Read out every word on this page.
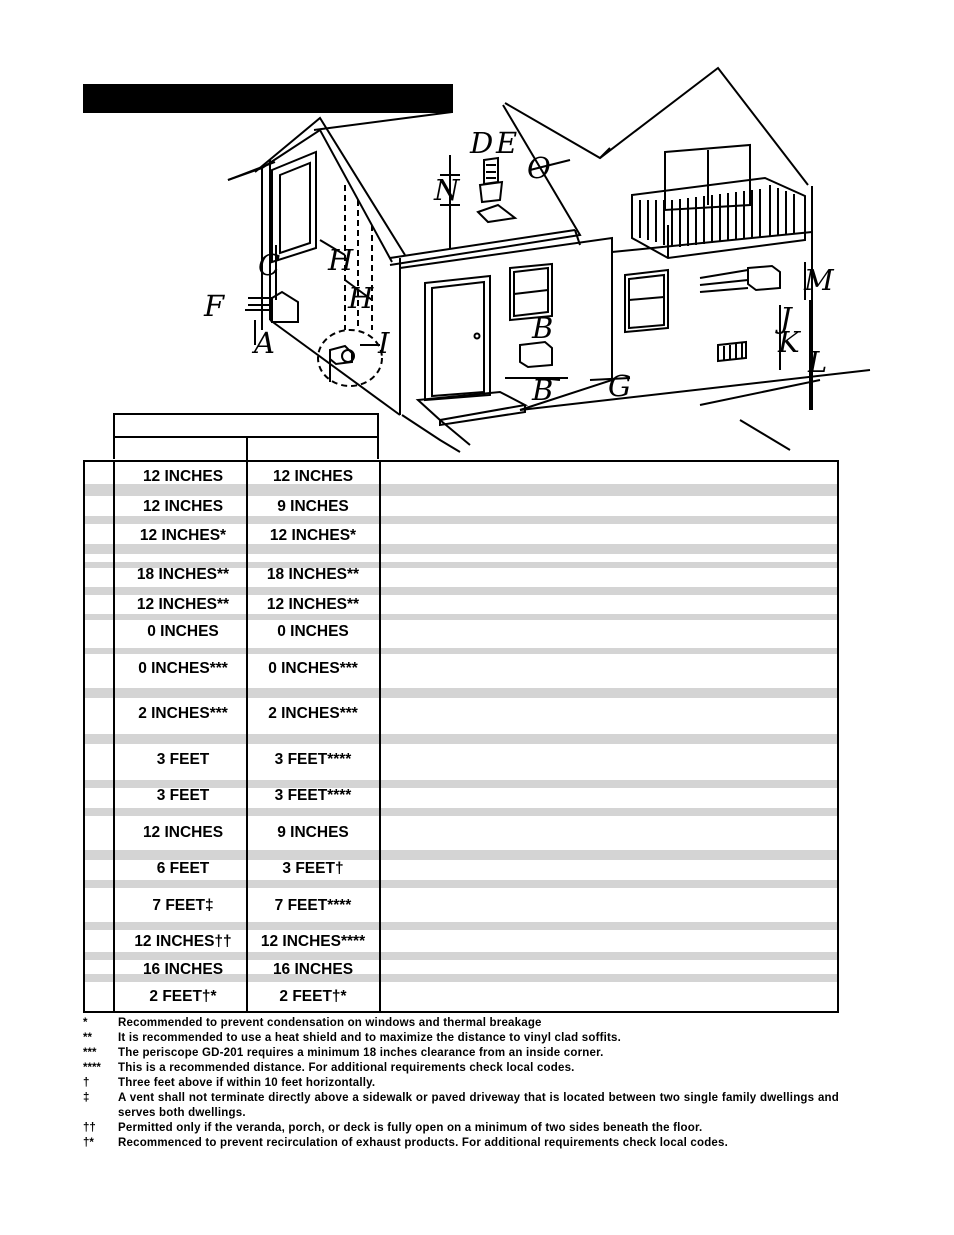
D E
O
N
C H
H
F
A	I	B
B G
J
K
L
M
12 INCHES	12 INCHES
12 INCHES	9 INCHES
12 INCHES*	12 INCHES*
18 INCHES**	18 INCHES**
12 INCHES**	12 INCHES**
0 INCHES	0 INCHES
0 INCHES***	0 INCHES***
2 INCHES***	2 INCHES***
3 FEET	3 FEET****
3 FEET	3 FEET****
12 INCHES	9 INCHES
6 FEET	3 FEET†
7 FEET‡	7 FEET****
12 INCHES††	12 INCHES****
16 INCHES	16 INCHES
2 FEET†*	2 FEET†*
*	Recommended to prevent condensation on windows and thermal breakage
**	It is recommended to use a heat shield and to maximize the distance to vinyl clad soffits.
***	The periscope GD-201 requires a minimum 18 inches clearance from an inside corner.
****	This is a recommended distance. For additional requirements check local codes.
†	Three feet above if within 10 feet horizontally.
‡	A vent shall not terminate directly above a sidewalk or paved driveway that is located between two single family dwellings and serves both dwellings.
††	Permitted only if the veranda, porch, or deck is fully open on a minimum of two sides beneath the floor.
†*	Recommenced to prevent recirculation of exhaust products. For additional requirements check local codes.
